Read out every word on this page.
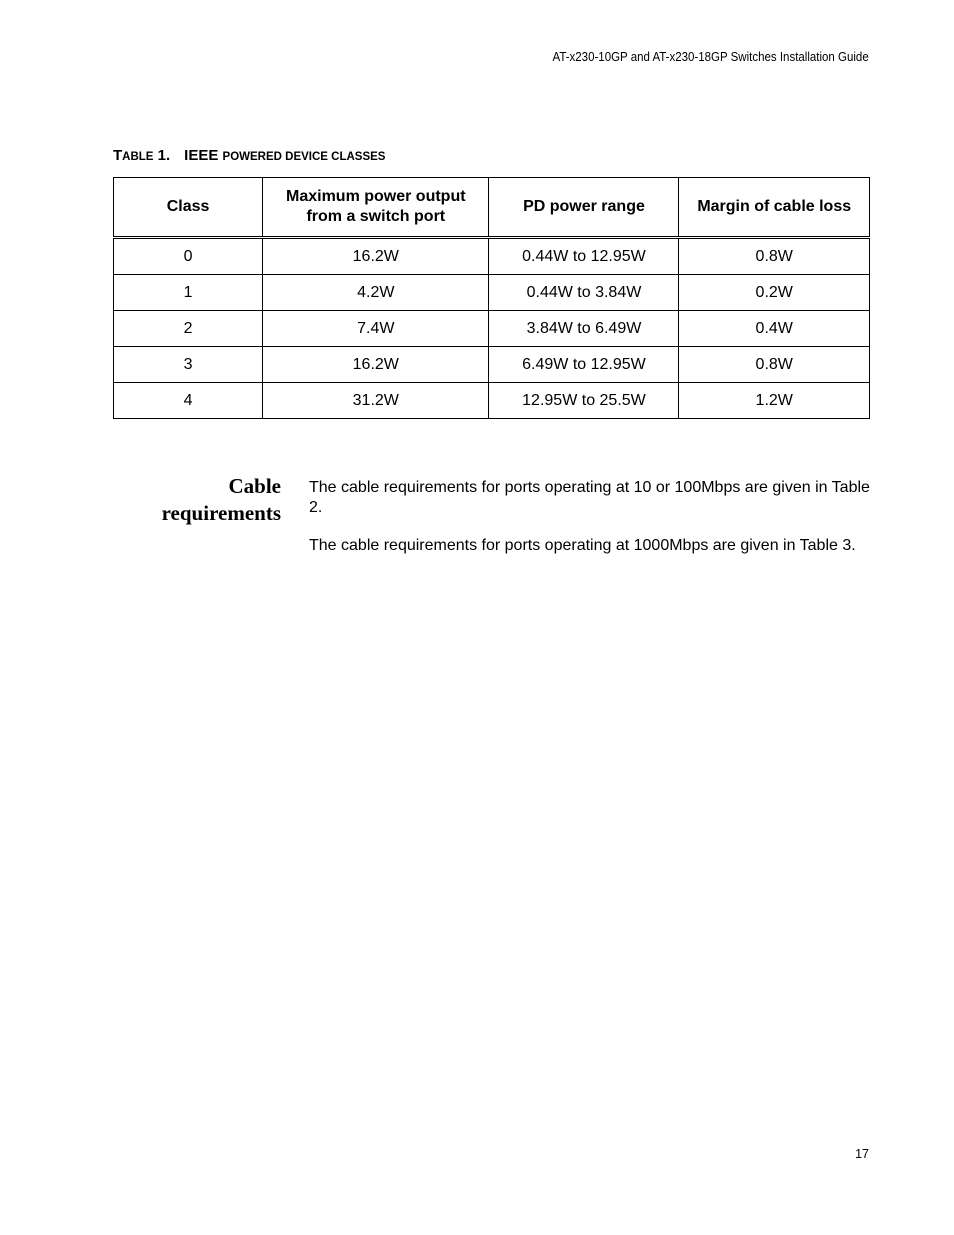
AT-x230-10GP and AT-x230-18GP Switches Installation Guide
TABLE 1. IEEE POWERED DEVICE CLASSES
Class	Maximum power output from a switch port	PD power range	Margin of cable loss
0	16.2W	0.44W to 12.95W	0.8W
1	4.2W	0.44W to 3.84W	0.2W
2	7.4W	3.84W to 6.49W	0.4W
3	16.2W	6.49W to 12.95W	0.8W
4	31.2W	12.95W to 25.5W	1.2W
Cable
requirements

The cable requirements for ports operating at 10 or 100Mbps are given in Table 2.

The cable requirements for ports operating at 1000Mbps are given in Table 3.

17
